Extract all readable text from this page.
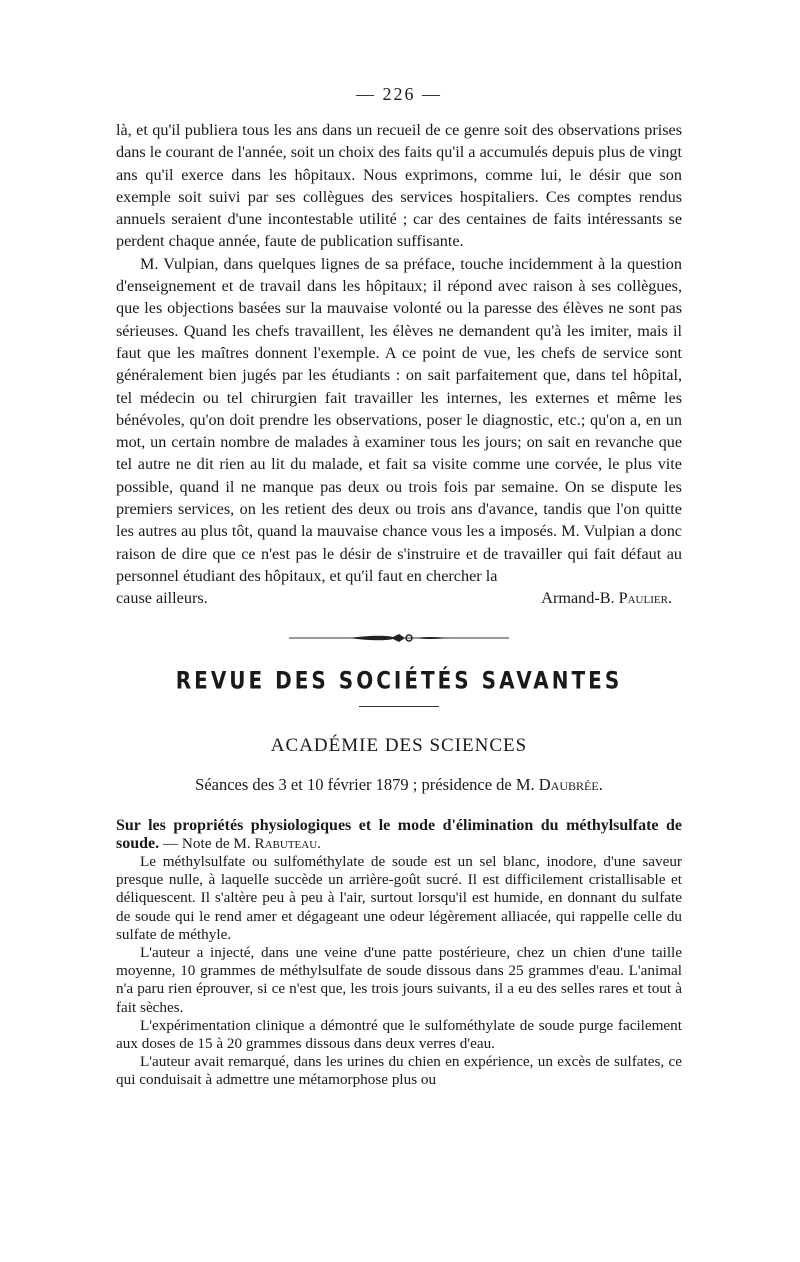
— 226 —

là, et qu'il publiera tous les ans dans un recueil de ce genre soit des observations prises dans le courant de l'année, soit un choix des faits qu'il a accumulés depuis plus de vingt ans qu'il exerce dans les hôpitaux. Nous exprimons, comme lui, le désir que son exemple soit suivi par ses collègues des services hospitaliers. Ces comptes rendus annuels seraient d'une incontestable utilité ; car des centaines de faits intéressants se perdent chaque année, faute de publication suffisante.

M. Vulpian, dans quelques lignes de sa préface, touche incidemment à la question d'enseignement et de travail dans les hôpitaux; il répond avec raison à ses collègues, que les objections basées sur la mauvaise volonté ou la paresse des élèves ne sont pas sérieuses. Quand les chefs travaillent, les élèves ne demandent qu'à les imiter, mais il faut que les maîtres donnent l'exemple. A ce point de vue, les chefs de service sont généralement bien jugés par les étudiants : on sait parfaitement que, dans tel hôpital, tel médecin ou tel chirurgien fait travailler les internes, les externes et même les bénévoles, qu'on doit prendre les observations, poser le diagnostic, etc.; qu'on a, en un mot, un certain nombre de malades à examiner tous les jours; on sait en revanche que tel autre ne dit rien au lit du malade, et fait sa visite comme une corvée, le plus vite possible, quand il ne manque pas deux ou trois fois par semaine. On se dispute les premiers services, on les retient des deux ou trois ans d'avance, tandis que l'on quitte les autres au plus tôt, quand la mauvaise chance vous les a imposés. M. Vulpian a donc raison de dire que ce n'est pas le désir de s'instruire et de travailler qui fait défaut au personnel étudiant des hôpitaux, et qu'il faut en chercher la

cause ailleurs.	Armand-B. Paulier.
REVUE DES SOCIÉTÉS SAVANTES
ACADÉMIE DES SCIENCES
Séances des 3 et 10 février 1879 ; présidence de M. Daubrée.

Sur les propriétés physiologiques et le mode d'élimination du méthylsulfate de soude. — Note de M. Rabuteau.

Le méthylsulfate ou sulfométhylate de soude est un sel blanc, inodore, d'une saveur presque nulle, à laquelle succède un arrière-goût sucré. Il est difficilement cristallisable et déliquescent. Il s'altère peu à peu à l'air, surtout lorsqu'il est humide, en donnant du sulfate de soude qui le rend amer et dégageant une odeur légèrement alliacée, qui rappelle celle du sulfate de méthyle.

L'auteur a injecté, dans une veine d'une patte postérieure, chez un chien d'une taille moyenne, 10 grammes de méthylsulfate de soude dissous dans 25 grammes d'eau. L'animal n'a paru rien éprouver, si ce n'est que, les trois jours suivants, il a eu des selles rares et tout à fait sèches.

L'expérimentation clinique a démontré que le sulfométhylate de soude purge facilement aux doses de 15 à 20 grammes dissous dans deux verres d'eau.

L'auteur avait remarqué, dans les urines du chien en expérience, un excès de sulfates, ce qui conduisait à admettre une métamorphose plus ou
